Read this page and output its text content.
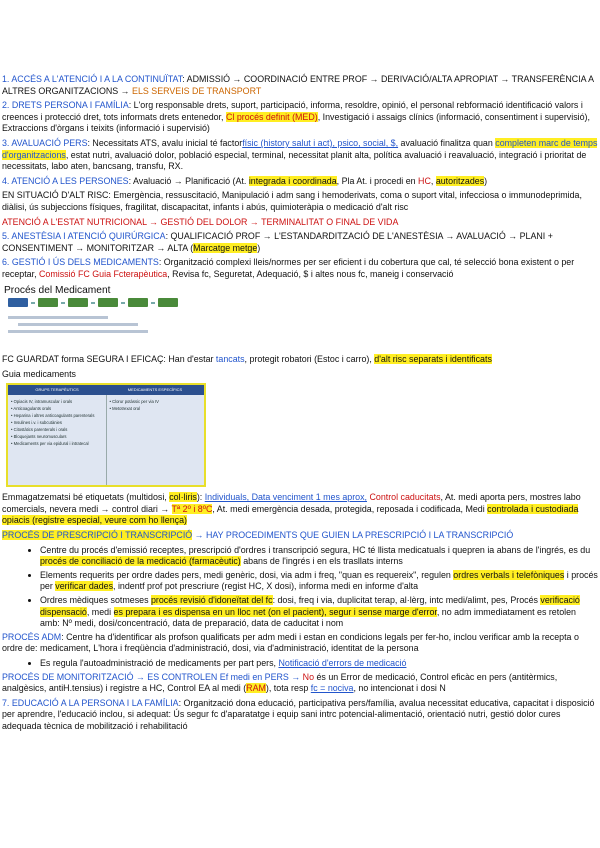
1. ACCÉS A L'ATENCIÓ I A LA CONTINUÏTAT: ADMISSIÓ → COORDINACIÓ ENTRE PROF → DERIVACIÓ/ALTA APROPIAT → TRANSFERÈNCIA A ALTRES ORGANITZACIONS → ELS SERVEIS DE TRANSPORT

2. DRETS PERSONA I FAMÍLIA: L'org responsable drets, suport, participació, informa, resoldre, opinió, el personal rebformació identificació valors i creences i protecció dret, tots informats drets entenedor, Cl procés definit (MED), Investigació i assaigs clínics (informació, consentiment i supervisió), Extraccions d'òrgans i teixits (informació i supervisió)

3. AVALUACIÓ PERS: Necessitats ATS, avalu inicial té factorfísic (history salut i act), psico, social, $, avaluació finalitza quan completen marc de temps d'organitzacions, estat nutri, avaluació dolor, població especial, terminal, necessitat planit alta, política avaluació i reavaluació, integració i prioritat de necessitats, labo aten, bancsang, transfu, RX.

4. ATENCIÓ A LES PERSONES: Avaluació → Planificació (At. integrada i coordinada, Pla At. i procedi en HC, autoritzades)

EN SITUACIÓ D'ALT RISC: Emergència, ressuscitació, Manipulació i adm sang i hemoderivats, coma o suport vital, infecciosa o immunodeprimida, diàlisi, ús subjeccions físiques, fragilitat, discapacitat, infants i abús, quimioteràpia o medicació d'alt risc

ATENCIÓ A L'ESTAT NUTRICIONAL → GESTIÓ DEL DOLOR → TERMINALITAT O FINAL DE VIDA

5. ANESTÈSIA I ATENCIÓ QUIRÚRGICA: QUALIFICACIÓ PROF → L'ESTANDARDITZACIÓ DE L'ANESTÈSIA → AVALUACIÓ → PLANI + CONSENTIMENT → MONITORITZAR → ALTA (Marcatge metge)

6. GESTIÓ I ÚS DELS MEDICAMENTS: Organització complexi lleis/normes per ser eficient i du cobertura que cal, té selecció bona existent o per receptar, Comissió FC Guia Fcterapèutica, Revisa fc, Seguretat, Adequació, $ i altes nous fc, maneig i conservació

Procés del Medicament

FC GUARDAT forma SEGURA I EFICAÇ: Han d'estar tancats, protegit robatori (Estoc i carro), d'alt risc separats i identificats

Guia medicaments

GRUPS TERAPÈUTICS	MEDICAMENTS ESPECÍFICS
• Opiacis IV, intramuscular i orals
• Anticoagulants orals
• Heparina i altres anticoagulants parenterals
• Insulines i.v. i subcutànies
• Citostàtics parenterals i orals
• Bloquejants neuromusculars
• Medicaments per via epidural i intratecal
• Clorur potàssic per via IV
• Metotrexat oral

Emmagatzematsi bé etiquetats (multidosi, col·liris): Individuals, Data venciment 1 mes aprox, Control caducitats, At. medi aporta pers, mostres labo comercials, nevera medi → control diari → Tª 2º i 8ºC, At. medi emergència desada, protegida, reposada i codificada, Medi controlada i custodiada opiacis (registre especial, veure com ho llença)

PROCÉS DE PRESCRIPCIÓ I TRANSCRIPCIÓ → HAY PROCEDIMENTS QUE GUIEN LA PRESCRIPCIÓ I LA TRANSCRIPCIÓ

• Centre du procés d'emissió receptes, prescripció d'ordres i transcripció segura, HC té llista medicatuals i quepren ia abans de l'ingrés, es du procés de conciliació de la medicació (farmacèutic) abans de l'ingrés i en els trasllats interns
• Elements requerits per ordre dades pers, medi genèric, dosi, via adm i freq, "quan es requereix", regulen ordres verbals i telefòniques i procés per verificar dades, indentf prof pot prescriure (regist HC, X dosi), informa medi en informe d'alta
• Ordres mèdiques sotmeses procés revisió d'idoneïtat del fc: dosi, freq i via, duplicitat terap, al·lèrg, intc medi/alimt, pes, Procés verificació dispensació, medi es prepara i es dispensa en un lloc net (on el pacient), segur i sense marge d'error, no adm immediatament es retolen amb: Nº medi, dosi/concentració, data de preparació, data de caducitat i nom

PROCÉS ADM: Centre ha d'identificar als profson qualificats per adm medi i estan en condicions legals per fer-ho, inclou verificar amb la recepta o ordre de: medicament, L'hora i freqüència d'administració, dosi, via d'administració, identitat de la persona

• Es regula l'autoadministració de medicaments per part pers, Notificació d'errors de medicació

PROCÉS DE MONITORITZACIÓ → ES CONTROLEN Ef medi en PERS → No és un Error de medicació, Control eficàc en pers (antitèrmics, analgèsics, antiH.tensius) i registre a HC, Control EA al medi (RAM), tota resp fc = nociva, no intencionat i dosi N

7. EDUCACIÓ A LA PERSONA I LA FAMÍLIA: Organització dona educació, participativa pers/família, avalua necessitat educativa, capacitat i disposició per aprendre, l'educació inclou, si adequat: Ús segur fc d'aparatatge i equip sani intrc potencial-alimentació, orientació nutri, gestió dolor cures adequada tècnica de mobilització i rehabilitació
